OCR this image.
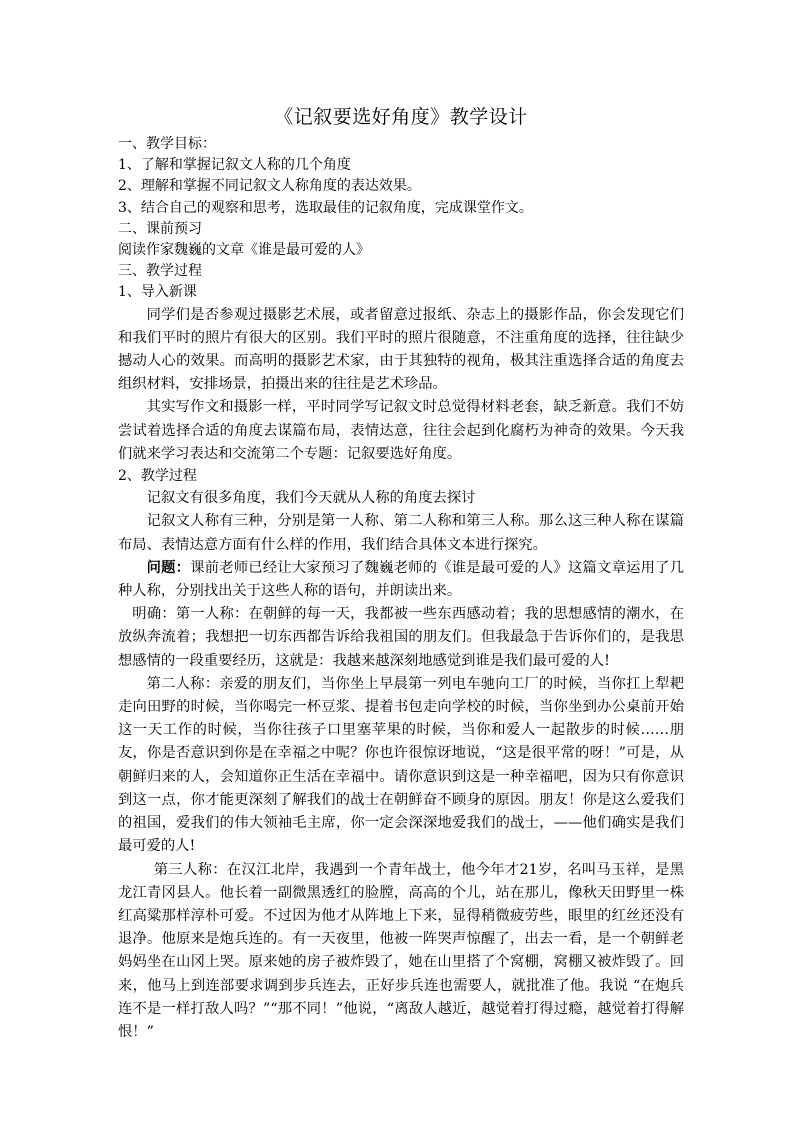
《记叙要选好角度》教学设计

一、教学目标：

1、了解和掌握记叙文人称的几个角度

2、理解和掌握不同记叙文人称角度的表达效果。

3、结合自己的观察和思考，选取最佳的记叙角度，完成课堂作文。

二、课前预习

阅读作家魏巍的文章《谁是最可爱的人》

三、教学过程

1、导入新课

同学们是否参观过摄影艺术展，或者留意过报纸、杂志上的摄影作品，你会发现它们和我们平时的照片有很大的区别。我们平时的照片很随意，不注重角度的选择，往往缺少撼动人心的效果。而高明的摄影艺术家，由于其独特的视角，极其注重选择合适的角度去组织材料，安排场景，拍摄出来的往往是艺术珍品。

其实写作文和摄影一样，平时同学写记叙文时总觉得材料老套，缺乏新意。我们不妨尝试着选择合适的角度去谋篇布局，表情达意，往往会起到化腐朽为神奇的效果。今天我们就来学习表达和交流第二个专题：记叙要选好角度。

2、教学过程

记叙文有很多角度，我们今天就从人称的角度去探讨

记叙文人称有三种，分别是第一人称、第二人称和第三人称。那么这三种人称在谋篇布局、表情达意方面有什么样的作用，我们结合具体文本进行探究。

问题：课前老师已经让大家预习了魏巍老师的《谁是最可爱的人》这篇文章运用了几种人称，分别找出关于这些人称的语句，并朗读出来。

明确：第一人称：在朝鲜的每一天，我都被一些东西感动着；我的思想感情的潮水，在放纵奔流着；我想把一切东西都告诉给我祖国的朋友们。但我最急于告诉你们的，是我思想感情的一段重要经历，这就是：我越来越深刻地感觉到谁是我们最可爱的人!

第二人称：亲爱的朋友们，当你坐上早晨第一列电车驰向工厂的时候，当你扛上犁耙走向田野的时候，当你喝完一杯豆浆、提着书包走向学校的时候，当你坐到办公桌前开始这一天工作的时候，当你往孩子口里塞苹果的时候，当你和爱人一起散步的时候……朋友，你是否意识到你是在幸福之中呢？你也许很惊讶地说，“这是很平常的呀！”可是，从朝鲜归来的人，会知道你正生活在幸福中。请你意识到这是一种幸福吧，因为只有你意识到这一点，你才能更深刻了解我们的战士在朝鲜奋不顾身的原因。朋友！你是这么爱我们的祖国，爱我们的伟大领袖毛主席，你一定会深深地爱我们的战士，——他们确实是我们最可爱的人!

第三人称：在汉江北岸，我遇到一个青年战士，他今年才21岁，名叫马玉祥，是黑龙江青冈县人。他长着一副微黑透红的脸膛，高高的个儿，站在那儿，像秋天田野里一株红高粱那样淳朴可爱。不过因为他才从阵地上下来，显得稍微疲劳些，眼里的红丝还没有退净。他原来是炮兵连的。有一天夜里，他被一阵哭声惊醒了，出去一看，是一个朝鲜老妈妈坐在山冈上哭。原来她的房子被炸毁了，她在山里搭了个窝棚，窝棚又被炸毁了。回来，他马上到连部要求调到步兵连去，正好步兵连也需要人，就批准了他。我说 “在炮兵连不是一样打敌人吗？”“那不同！”他说，“离敌人越近，越觉着打得过瘾，越觉着打得解恨！”
